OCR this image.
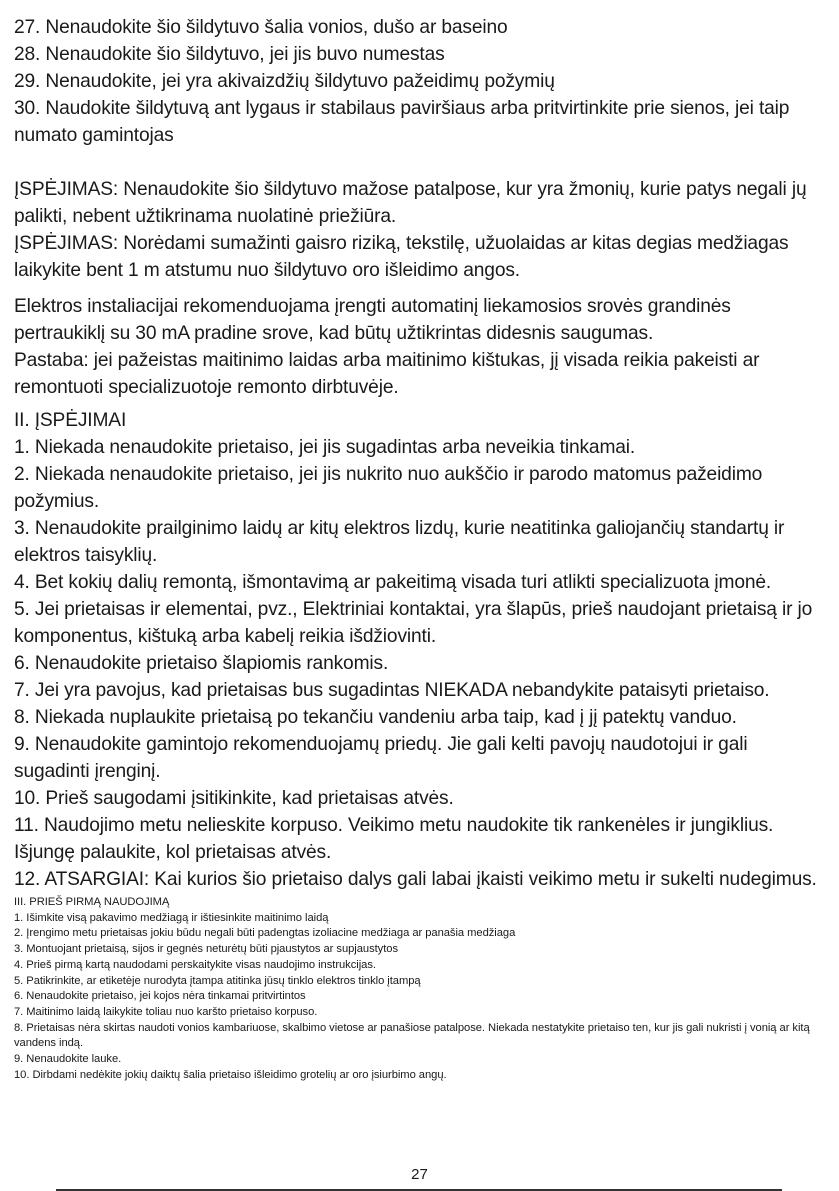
27. Nenaudokite šio šildytuvo šalia vonios, dušo ar baseino

28. Nenaudokite šio šildytuvo, jei jis buvo numestas

29. Nenaudokite, jei yra akivaizdžių šildytuvo pažeidimų požymių

30. Naudokite šildytuvą ant lygaus ir stabilaus paviršiaus arba pritvirtinkite prie sienos, jei taip numato gamintojas

ĮSPĖJIMAS: Nenaudokite šio šildytuvo mažose patalpose, kur yra žmonių, kurie patys negali jų palikti, nebent užtikrinama nuolatinė priežiūra.

ĮSPĖJIMAS: Norėdami sumažinti gaisro riziką, tekstilę, užuolaidas ar kitas degias medžiagas laikykite bent 1 m atstumu nuo šildytuvo oro išleidimo angos.

Elektros instaliacijai rekomenduojama įrengti automatinį liekamosios srovės grandinės pertraukiklį su 30 mA pradine srove, kad būtų užtikrintas didesnis saugumas.

Pastaba: jei pažeistas maitinimo laidas arba maitinimo kištukas, jį visada reikia pakeisti ar remontuoti specializuotoje remonto dirbtuvėje.

II. ĮSPĖJIMAI

1. Niekada nenaudokite prietaiso, jei jis sugadintas arba neveikia tinkamai.

2. Niekada nenaudokite prietaiso, jei jis nukrito nuo aukščio ir parodo matomus pažeidimo požymius.

3. Nenaudokite prailginimo laidų ar kitų elektros lizdų, kurie neatitinka galiojančių standartų ir elektros taisyklių.

4. Bet kokių dalių remontą, išmontavimą ar pakeitimą visada turi atlikti specializuota įmonė.

5. Jei prietaisas ir elementai, pvz., Elektriniai kontaktai, yra šlapūs, prieš naudojant prietaisą ir jo komponentus, kištuką arba kabelį reikia išdžiovinti.

6. Nenaudokite prietaiso šlapiomis rankomis.

7. Jei yra pavojus, kad prietaisas bus sugadintas NIEKADA nebandykite pataisyti prietaiso.

8. Niekada nuplaukite prietaisą po tekančiu vandeniu arba taip, kad į jį patektų vanduo.

9. Nenaudokite gamintojo rekomenduojamų priedų. Jie gali kelti pavojų naudotojui ir gali sugadinti įrenginį.

10. Prieš saugodami įsitikinkite, kad prietaisas atvės.

11. Naudojimo metu nelieskite korpuso. Veikimo metu naudokite tik rankenėles ir jungiklius. Išjungę palaukite, kol prietaisas atvės.

12. ATSARGIAI: Kai kurios šio prietaiso dalys gali labai įkaisti veikimo metu ir sukelti nudegimus.

III. PRIEŠ PIRMĄ NAUDOJIMĄ

1. Išimkite visą pakavimo medžiagą ir ištiesinkite maitinimo laidą

2. Įrengimo metu prietaisas jokiu būdu negali būti padengtas izoliacine medžiaga ar panašia medžiaga

3. Montuojant prietaisą, sijos ir gegnės neturėtų būti pjaustytos ar supjaustytos

4. Prieš pirmą kartą naudodami perskaitykite visas naudojimo instrukcijas.

5. Patikrinkite, ar etiketėje nurodyta įtampa atitinka jūsų tinklo elektros tinklo įtampą

6. Nenaudokite prietaiso, jei kojos nėra tinkamai pritvirtintos

7. Maitinimo laidą laikykite toliau nuo karšto prietaiso korpuso.

8. Prietaisas nėra skirtas naudoti vonios kambariuose, skalbimo vietose ar panašiose patalpose. Niekada nestatykite prietaiso ten, kur jis gali nukristi į vonią ar kitą vandens indą.

9. Nenaudokite lauke.

10. Dirbdami nedėkite jokių daiktų šalia prietaiso išleidimo grotelių ar oro įsiurbimo angų.

27
